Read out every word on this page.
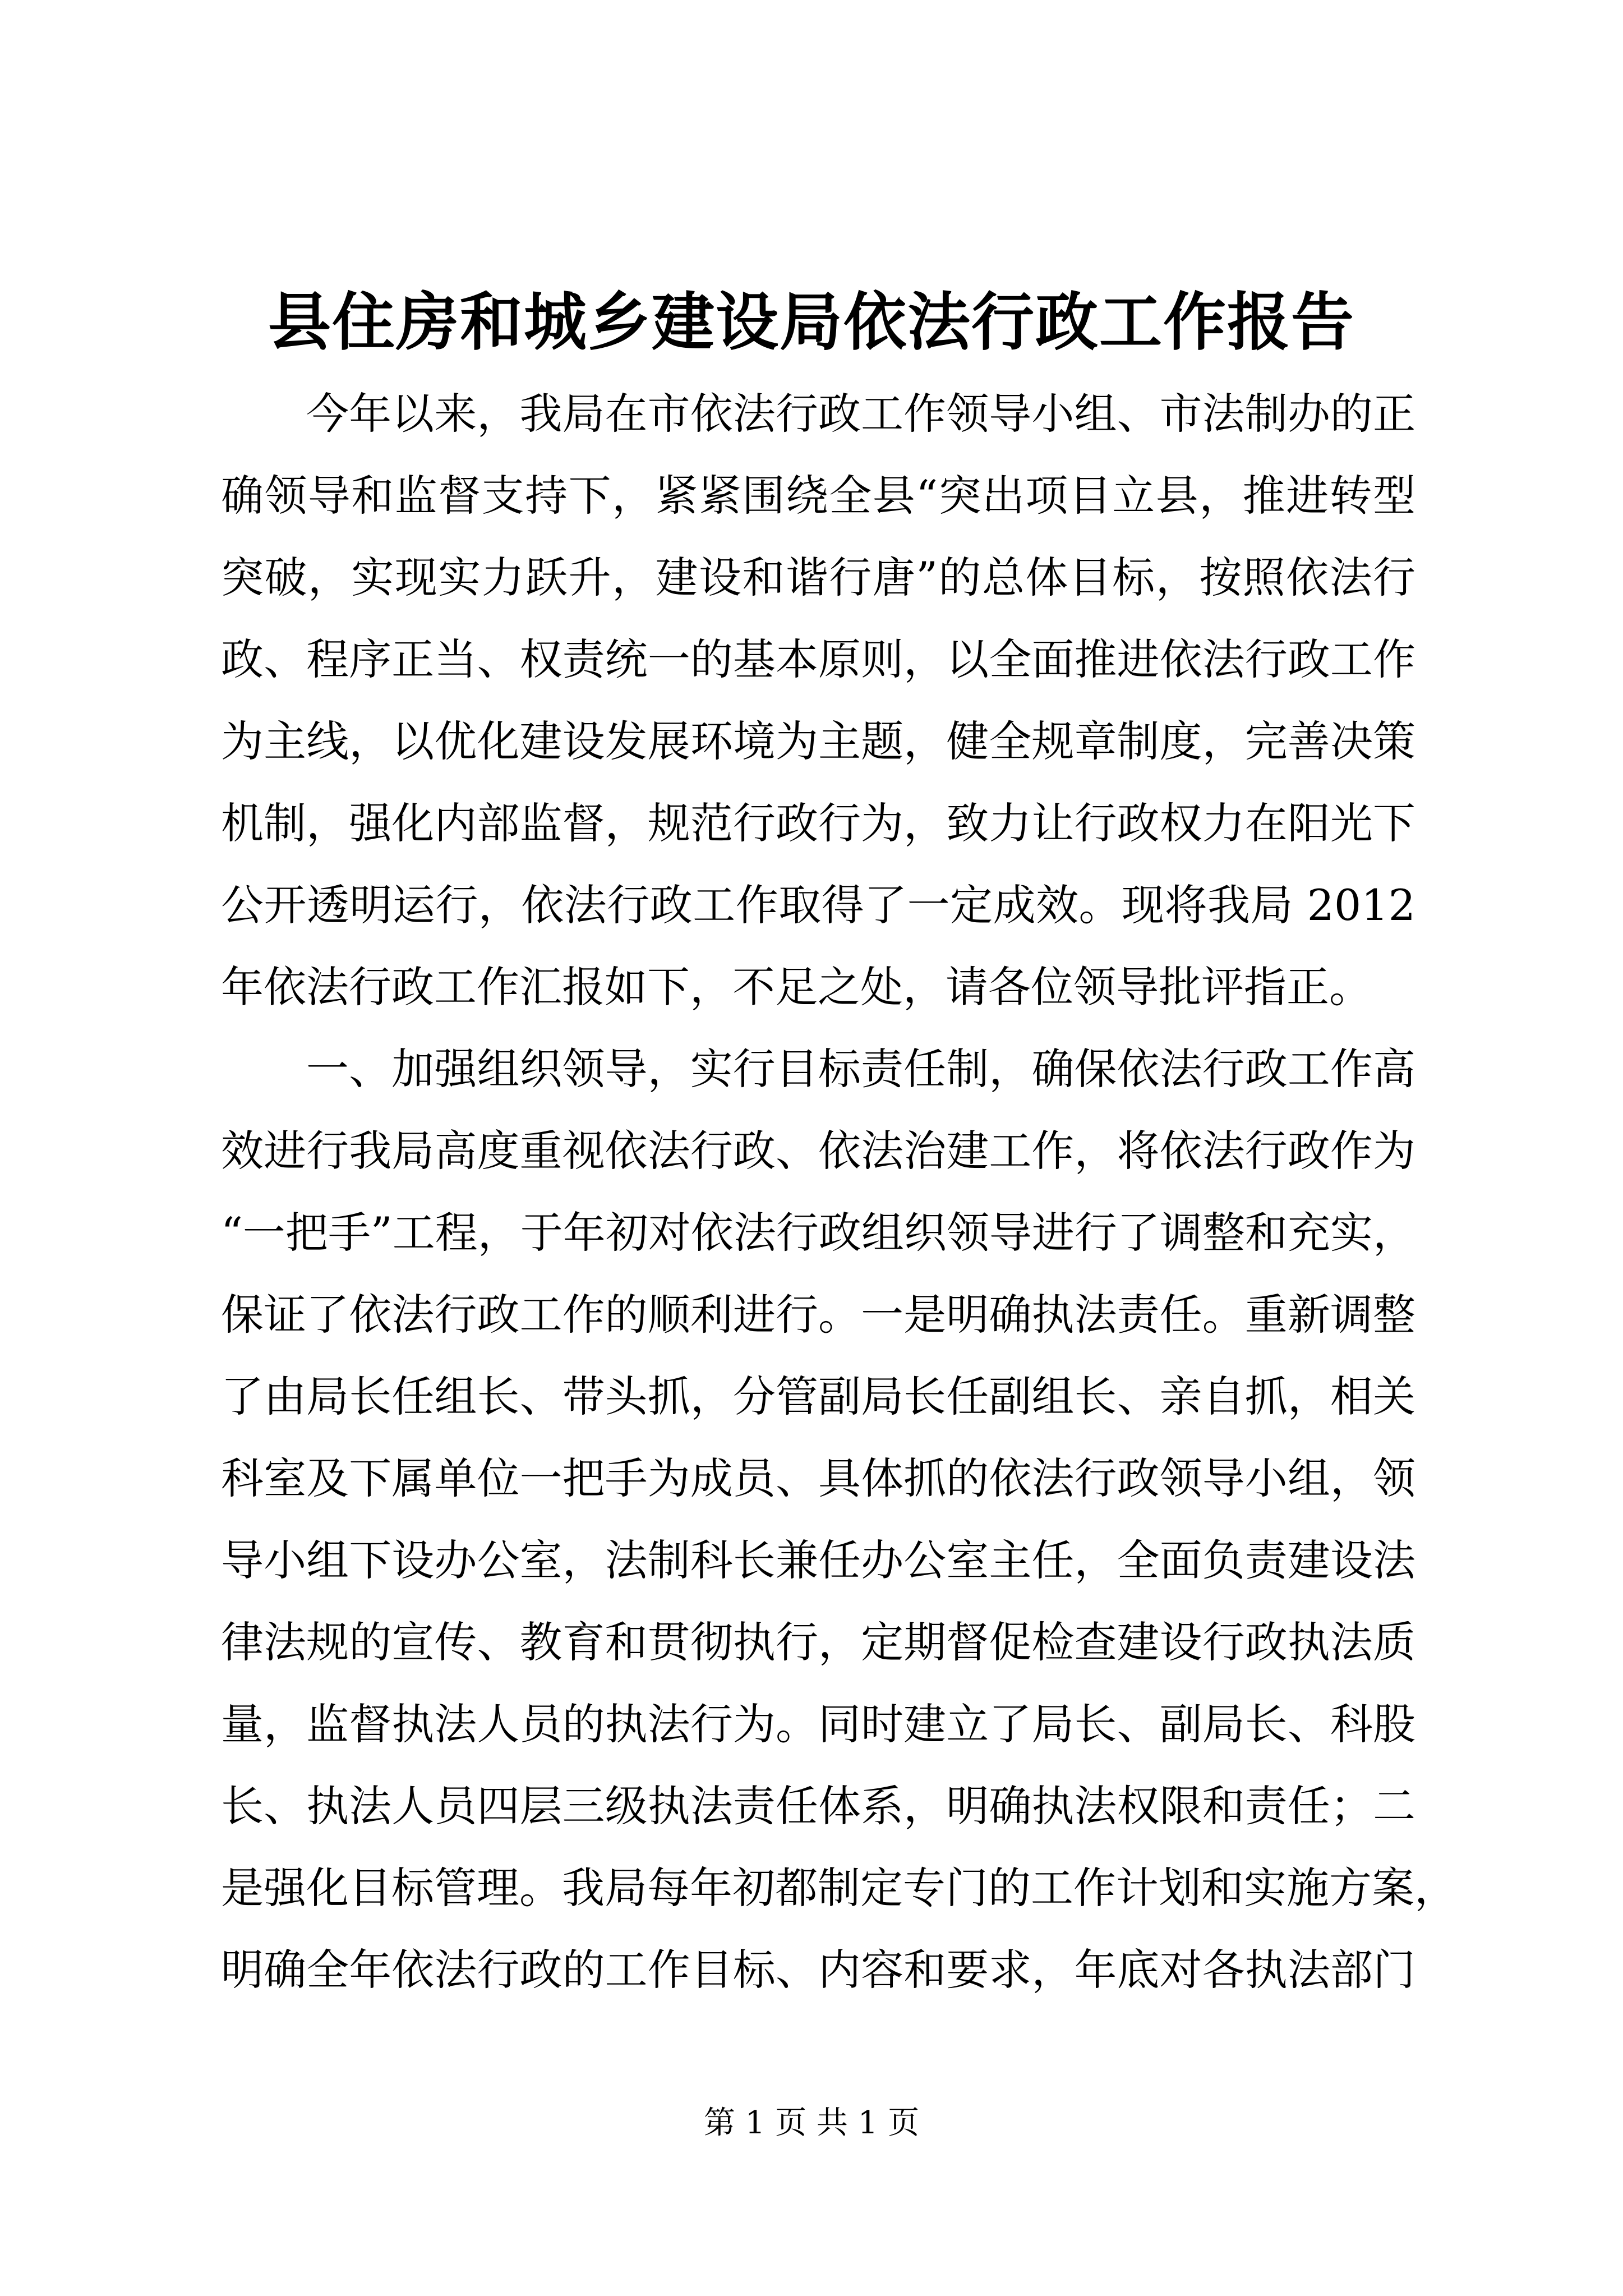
县住房和城乡建设局依法行政工作报告
今年以来，我局在市依法行政工作领导小组、市法制办的正
确领导和监督支持下，紧紧围绕全县“突出项目立县，推进转型
突破，实现实力跃升，建设和谐行唐”的总体目标，按照依法行
政、程序正当、权责统一的基本原则，以全面推进依法行政工作
为主线，以优化建设发展环境为主题，健全规章制度，完善决策
机制，强化内部监督，规范行政行为，致力让行政权力在阳光下
公开透明运行，依法行政工作取得了一定成效。现将我局 2012
年依法行政工作汇报如下，不足之处，请各位领导批评指正。
一、加强组织领导，实行目标责任制，确保依法行政工作高
效进行我局高度重视依法行政、依法治建工作，将依法行政作为
“一把手”工程，于年初对依法行政组织领导进行了调整和充实，
保证了依法行政工作的顺利进行。一是明确执法责任。重新调整
了由局长任组长、带头抓，分管副局长任副组长、亲自抓，相关
科室及下属单位一把手为成员、具体抓的依法行政领导小组，领
导小组下设办公室，法制科长兼任办公室主任，全面负责建设法
律法规的宣传、教育和贯彻执行，定期督促检查建设行政执法质
量，监督执法人员的执法行为。同时建立了局长、副局长、科股
长、执法人员四层三级执法责任体系，明确执法权限和责任；二
是强化目标管理。我局每年初都制定专门的工作计划和实施方案，
明确全年依法行政的工作目标、内容和要求，年底对各执法部门
第 1 页 共 1 页
